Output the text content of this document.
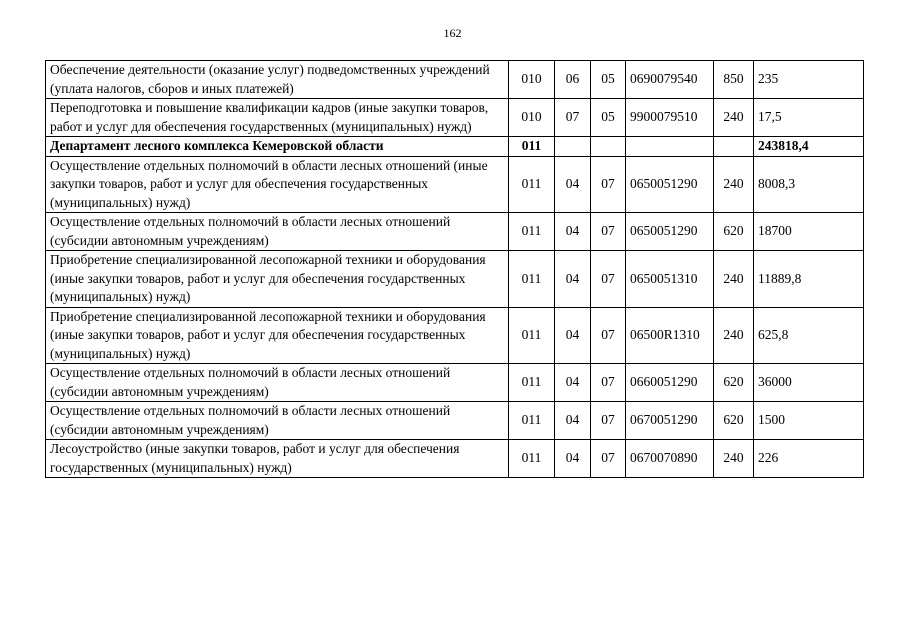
162
Обеспечение деятельности (оказание услуг) подведомственных учреждений (уплата налогов, сборов и иных платежей)	010	06	05	0690079540	850	235
Переподготовка и повышение квалификации кадров (иные закупки товаров, работ и услуг для обеспечения государственных (муниципальных) нужд)	010	07	05	9900079510	240	17,5
Департамент лесного комплекса Кемеровской области	011					243818,4
Осуществление отдельных полномочий в области лесных отношений (иные закупки товаров, работ и услуг для обеспечения государственных (муниципальных) нужд)	011	04	07	0650051290	240	8008,3
Осуществление отдельных полномочий в области лесных отношений (субсидии автономным учреждениям)	011	04	07	0650051290	620	18700
Приобретение специализированной лесопожарной техники и оборудования (иные закупки товаров, работ и услуг для обеспечения государственных (муниципальных) нужд)	011	04	07	0650051310	240	11889,8
Приобретение специализированной лесопожарной техники и оборудования (иные закупки товаров, работ и услуг для обеспечения государственных (муниципальных) нужд)	011	04	07	06500R1310	240	625,8
Осуществление отдельных полномочий в области лесных отношений (субсидии автономным учреждениям)	011	04	07	0660051290	620	36000
Осуществление отдельных полномочий в области лесных отношений (субсидии автономным учреждениям)	011	04	07	0670051290	620	1500
Лесоустройство (иные закупки товаров, работ и услуг для обеспечения государственных (муниципальных) нужд)	011	04	07	0670070890	240	226
